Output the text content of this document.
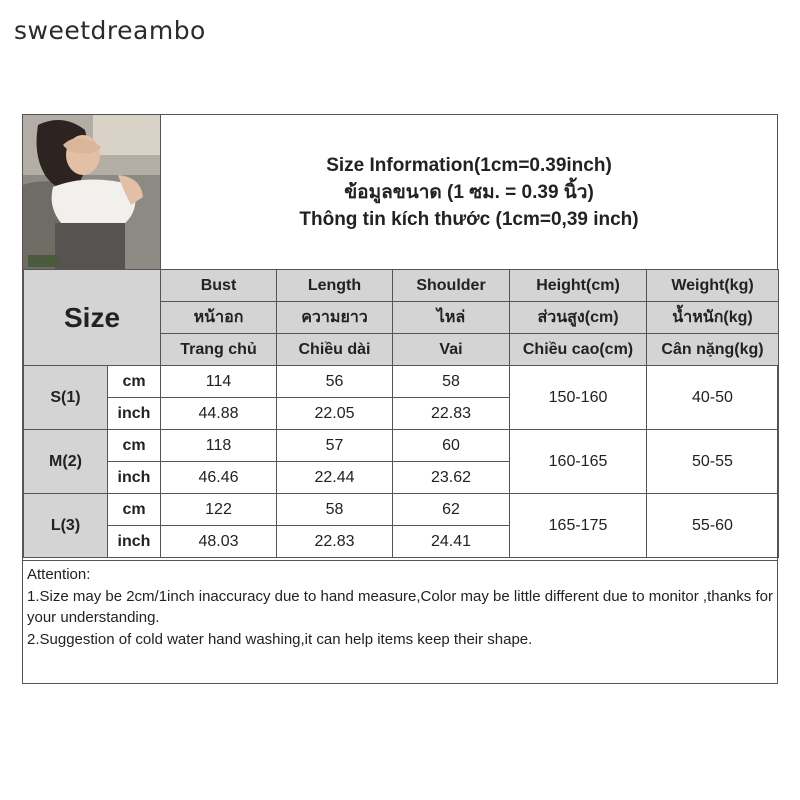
sweetdreambo
Size Information(1cm=0.39inch)
ข้อมูลขนาด (1 ซม. = 0.39 นิ้ว)
Thông tin kích thước (1cm=0,39 inch)
Size		Bust	Length	Shoulder	Height(cm)	Weight(kg)
		หน้าอก	ความยาว	ไหล่	ส่วนสูง(cm)	น้ำหนัก(kg)
		Trang chủ	Chiều dài	Vai	Chiều cao(cm)	Cân nặng(kg)
S(1)	cm	114	56	58	150-160	40-50
	inch	44.88	22.05	22.83		
M(2)	cm	118	57	60	160-165	50-55
	inch	46.46	22.44	23.62		
L(3)	cm	122	58	62	165-175	55-60
	inch	48.03	22.83	24.41		
Attention:
1.Size may be 2cm/1inch inaccuracy due to hand measure,Color may be little different due to monitor ,thanks for your understanding.
2.Suggestion of cold water hand washing,it can help items keep their shape.
